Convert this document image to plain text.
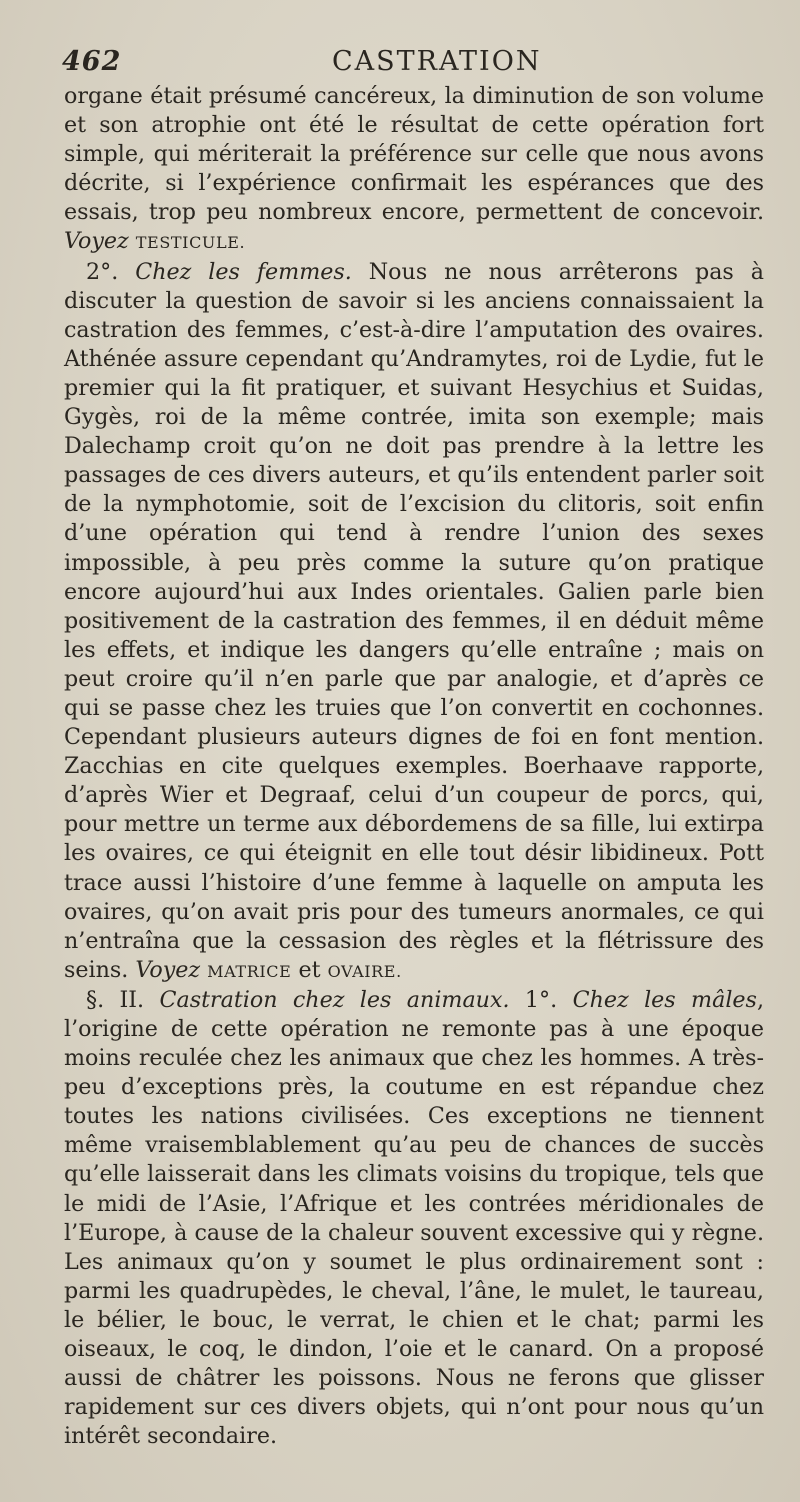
462	CASTRATION

organe était présumé cancéreux, la diminution de son volume et son atrophie ont été le résultat de cette opération fort simple, qui mériterait la préférence sur celle que nous avons décrite, si l’expérience confirmait les espérances que des essais, trop peu nombreux encore, permettent de concevoir. Voyez TESTICULE.

2°. Chez les femmes. Nous ne nous arrêterons pas à discuter la question de savoir si les anciens connaissaient la castration des femmes, c’est-à-dire l’amputation des ovaires. Athénée assure cependant qu’Andramytes, roi de Lydie, fut le premier qui la fit pratiquer, et suivant Hesychius et Suidas, Gygès, roi de la même contrée, imita son exemple; mais Dalechamp croit qu’on ne doit pas prendre à la lettre les passages de ces divers auteurs, et qu’ils entendent parler soit de la nymphotomie, soit de l’excision du clitoris, soit enfin d’une opération qui tend à rendre l’union des sexes impossible, à peu près comme la suture qu’on pratique encore aujourd’hui aux Indes orientales. Galien parle bien positivement de la castration des femmes, il en déduit même les effets, et indique les dangers qu’elle entraîne ; mais on peut croire qu’il n’en parle que par analogie, et d’après ce qui se passe chez les truies que l’on convertit en cochonnes. Cependant plusieurs auteurs dignes de foi en font mention. Zacchias en cite quelques exemples. Boerhaave rapporte, d’après Wier et Degraaf, celui d’un coupeur de porcs, qui, pour mettre un terme aux débordemens de sa fille, lui extirpa les ovaires, ce qui éteignit en elle tout désir libidineux. Pott trace aussi l’histoire d’une femme à laquelle on amputa les ovaires, qu’on avait pris pour des tumeurs anormales, ce qui n’entraîna que la cessasion des règles et la flétrissure des seins. Voyez MATRICE et OVAIRE.

§. II. Castration chez les animaux. 1°. Chez les mâles, l’origine de cette opération ne remonte pas à une époque moins reculée chez les animaux que chez les hommes. A très-peu d’exceptions près, la coutume en est répandue chez toutes les nations civilisées. Ces exceptions ne tiennent même vraisemblablement qu’au peu de chances de succès qu’elle laisserait dans les climats voisins du tropique, tels que le midi de l’Asie, l’Afrique et les contrées méridionales de l’Europe, à cause de la chaleur souvent excessive qui y règne. Les animaux qu’on y soumet le plus ordinairement sont : parmi les quadrupèdes, le cheval, l’âne, le mulet, le taureau, le bélier, le bouc, le verrat, le chien et le chat; parmi les oiseaux, le coq, le dindon, l’oie et le canard. On a proposé aussi de châtrer les poissons. Nous ne ferons que glisser rapidement sur ces divers objets, qui n’ont pour nous qu’un intérêt secondaire.
